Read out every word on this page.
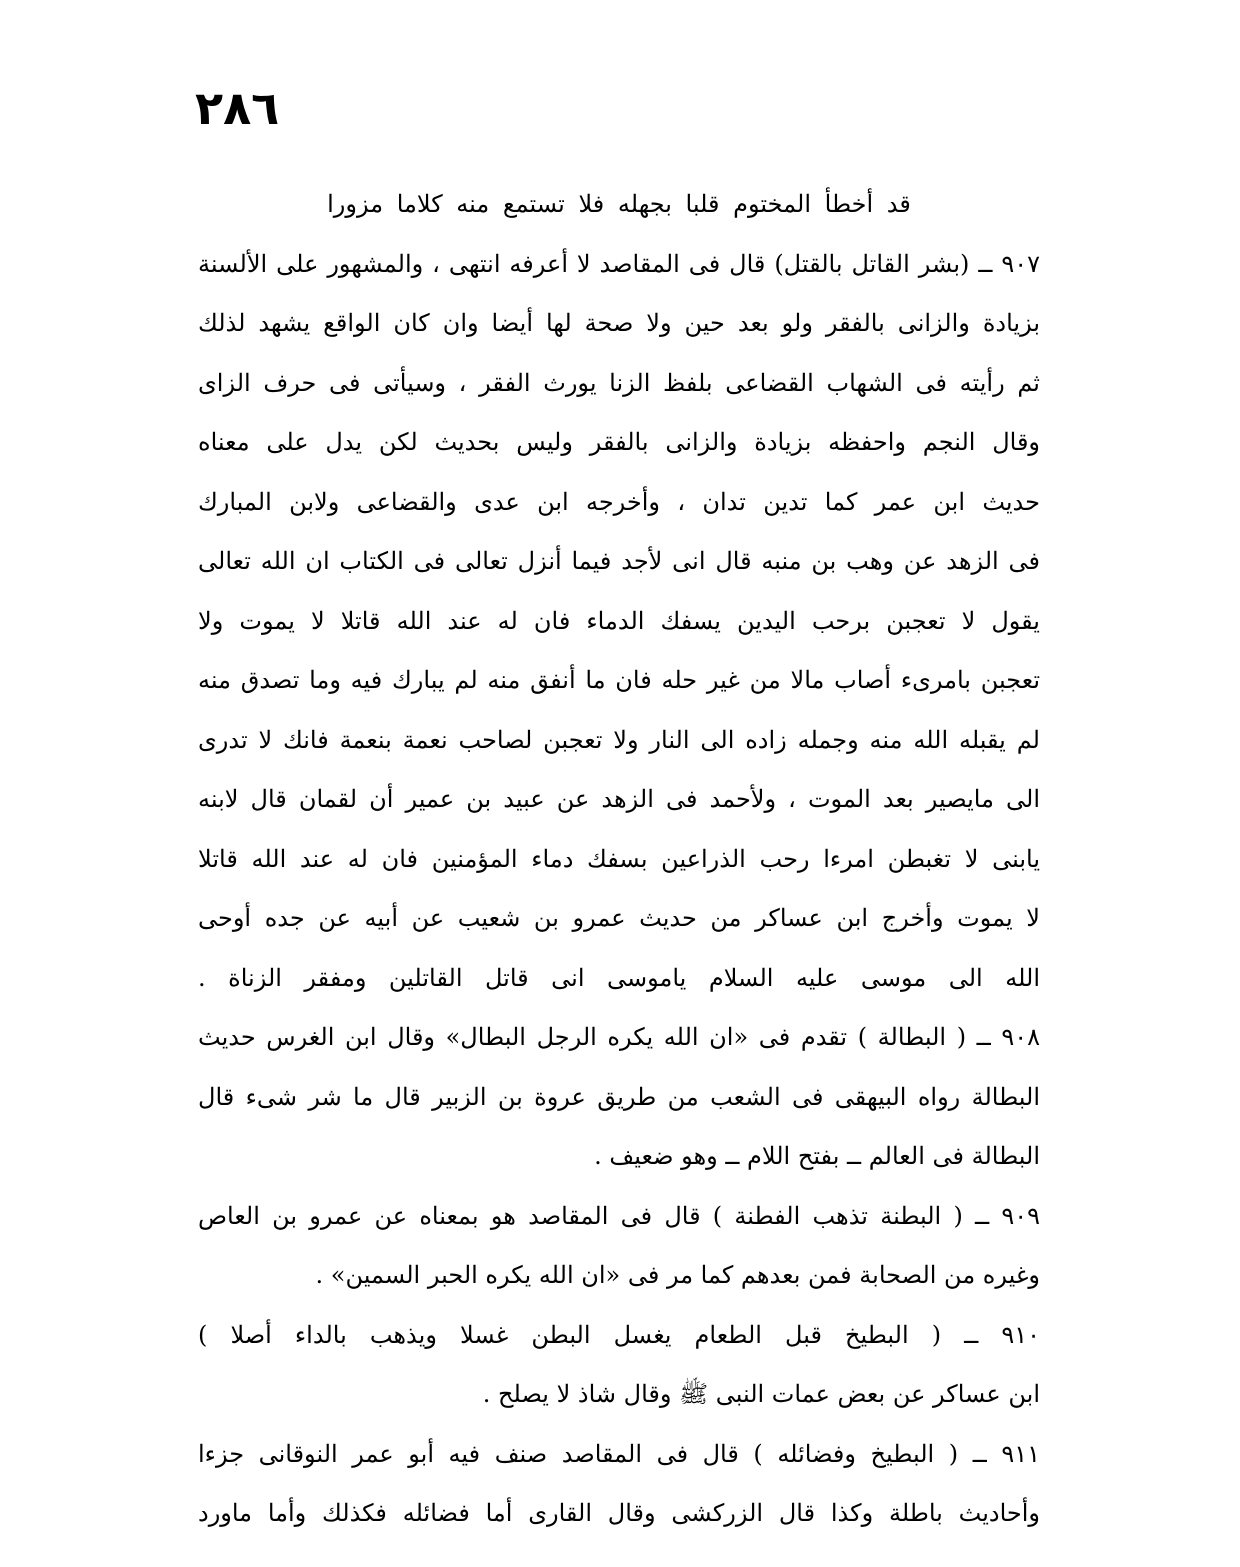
٢٨٦
قد أخطأ المختوم قلبا بجهله فلا تستمع منه كلاما مزورا
٩٠٧ ــ (بشر القاتل بالقتل) قال فى المقاصد لا أعرفه انتهى ، والمشهور على الألسنة
بزيادة والزانى بالفقر ولو بعد حين ولا صحة لها أيضا وان كان الواقع يشهد لذلك
ثم رأيته فى الشهاب القضاعى بلفظ الزنا يورث الفقر ، وسيأتى فى حرف الزاى
وقال النجم واحفظه بزيادة والزانى بالفقر وليس بحديث لكن يدل على معناه
حديث ابن عمر كما تدين تدان ، وأخرجه ابن عدى والقضاعى ولابن المبارك
فى الزهد عن وهب بن منبه قال انى لأجد فيما أنزل تعالى فى الكتاب ان الله تعالى
يقول لا تعجبن برحب اليدين يسفك الدماء فان له عند الله قاتلا لا يموت ولا
تعجبن بامرىء أصاب مالا من غير حله فان ما أنفق منه لم يبارك فيه وما تصدق منه
لم يقبله الله منه وجمله زاده الى النار ولا تعجبن لصاحب نعمة بنعمة فانك لا تدرى
الى مايصير بعد الموت ، ولأحمد فى الزهد عن عبيد بن عمير أن لقمان قال لابنه
يابنى لا تغبطن امرءا رحب الذراعين بسفك دماء المؤمنين فان له عند الله قاتلا
لا يموت وأخرج ابن عساكر من حديث عمرو بن شعيب عن أبيه عن جده أوحى
الله الى موسى عليه السلام ياموسى انى قاتل القاتلين ومفقر الزناة .
٩٠٨ ــ ( البطالة ) تقدم فى «ان الله يكره الرجل البطال» وقال ابن الغرس حديث
البطالة رواه البيهقى فى الشعب من طريق عروة بن الزبير قال ما شر شىء قال
البطالة فى العالم ــ بفتح اللام ــ وهو ضعيف .
٩٠٩ ــ ( البطنة تذهب الفطنة ) قال فى المقاصد هو بمعناه عن عمرو بن العاص
وغيره من الصحابة فمن بعدهم كما مر فى «ان الله يكره الحبر السمين» .
٩١٠ ــ ( البطيخ قبل الطعام يغسل البطن غسلا ويذهب بالداء أصلا )
ابن عساكر عن بعض عمات النبى ﷺ وقال شاذ لا يصلح .
٩١١ ــ ( البطيخ وفضائله ) قال فى المقاصد صنف فيه أبو عمر النوقانى جزءا
وأحاديث باطلة وكذا قال الزركشى وقال القارى أما فضائله فكذلك وأما ماورد
